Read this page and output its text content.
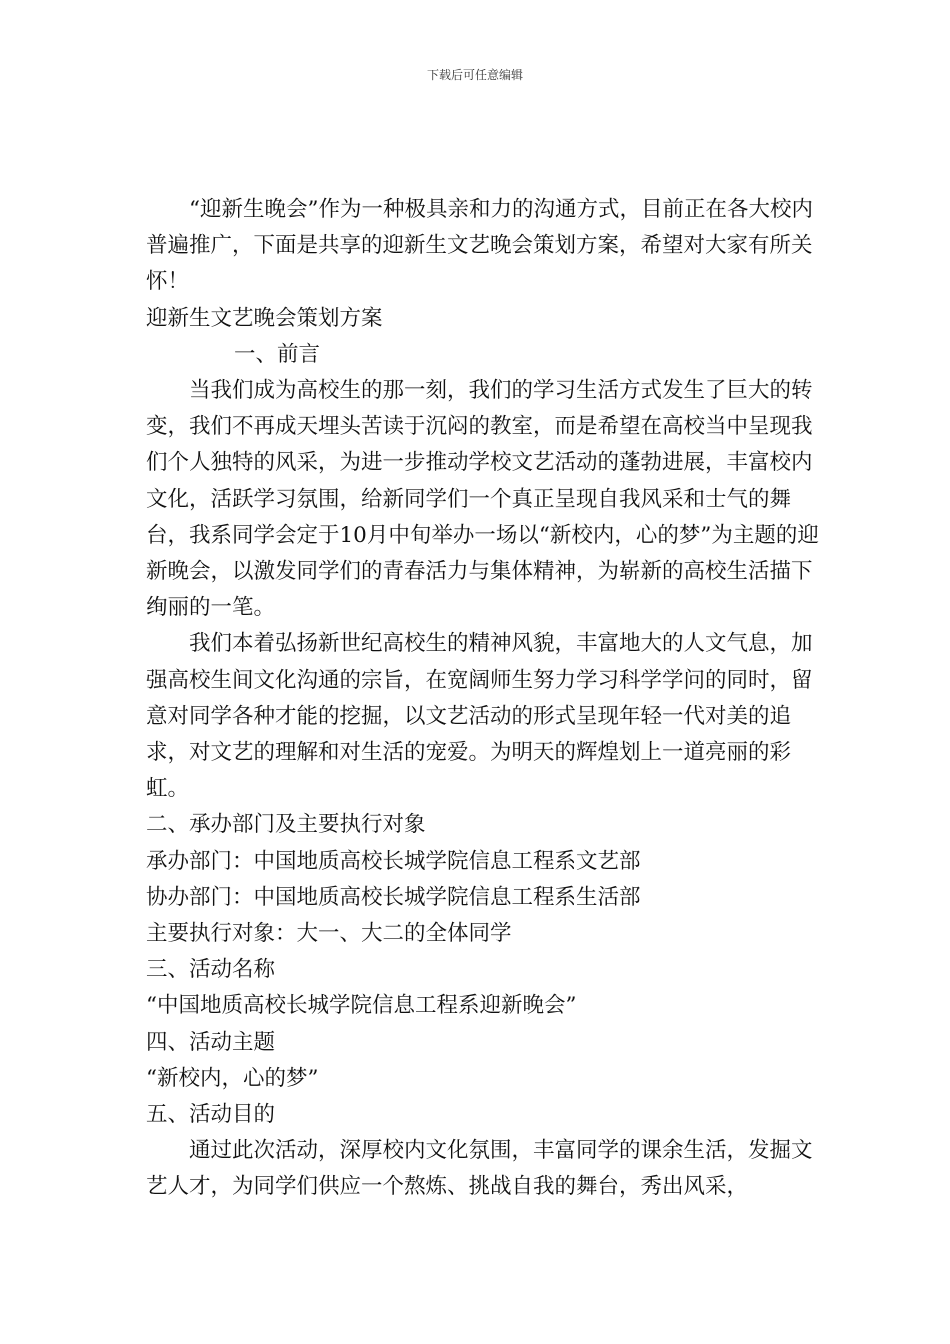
下载后可任意编辑

“迎新生晚会”作为一种极具亲和力的沟通方式，目前正在各大校内普遍推广，下面是共享的迎新生文艺晚会策划方案，希望对大家有所关怀！

迎新生文艺晚会策划方案

一、前言

当我们成为高校生的那一刻，我们的学习生活方式发生了巨大的转变，我们不再成天埋头苦读于沉闷的教室，而是希望在高校当中呈现我们个人独特的风采，为进一步推动学校文艺活动的蓬勃进展，丰富校内文化，活跃学习氛围，给新同学们一个真正呈现自我风采和士气的舞台，我系同学会定于10月中旬举办一场以“新校内，心的梦”为主题的迎新晚会，以激发同学们的青春活力与集体精神，为崭新的高校生活描下绚丽的一笔。

我们本着弘扬新世纪高校生的精神风貌，丰富地大的人文气息，加强高校生间文化沟通的宗旨，在宽阔师生努力学习科学学问的同时，留意对同学各种才能的挖掘，以文艺活动的形式呈现年轻一代对美的追求，对文艺的理解和对生活的宠爱。为明天的辉煌划上一道亮丽的彩虹。

二、承办部门及主要执行对象

承办部门：中国地质高校长城学院信息工程系文艺部

协办部门：中国地质高校长城学院信息工程系生活部

主要执行对象：大一、大二的全体同学

三、活动名称

“中国地质高校长城学院信息工程系迎新晚会”

四、活动主题

“新校内，心的梦”

五、活动目的

通过此次活动，深厚校内文化氛围，丰富同学的课余生活，发掘文艺人才，为同学们供应一个熬炼、挑战自我的舞台，秀出风采，
